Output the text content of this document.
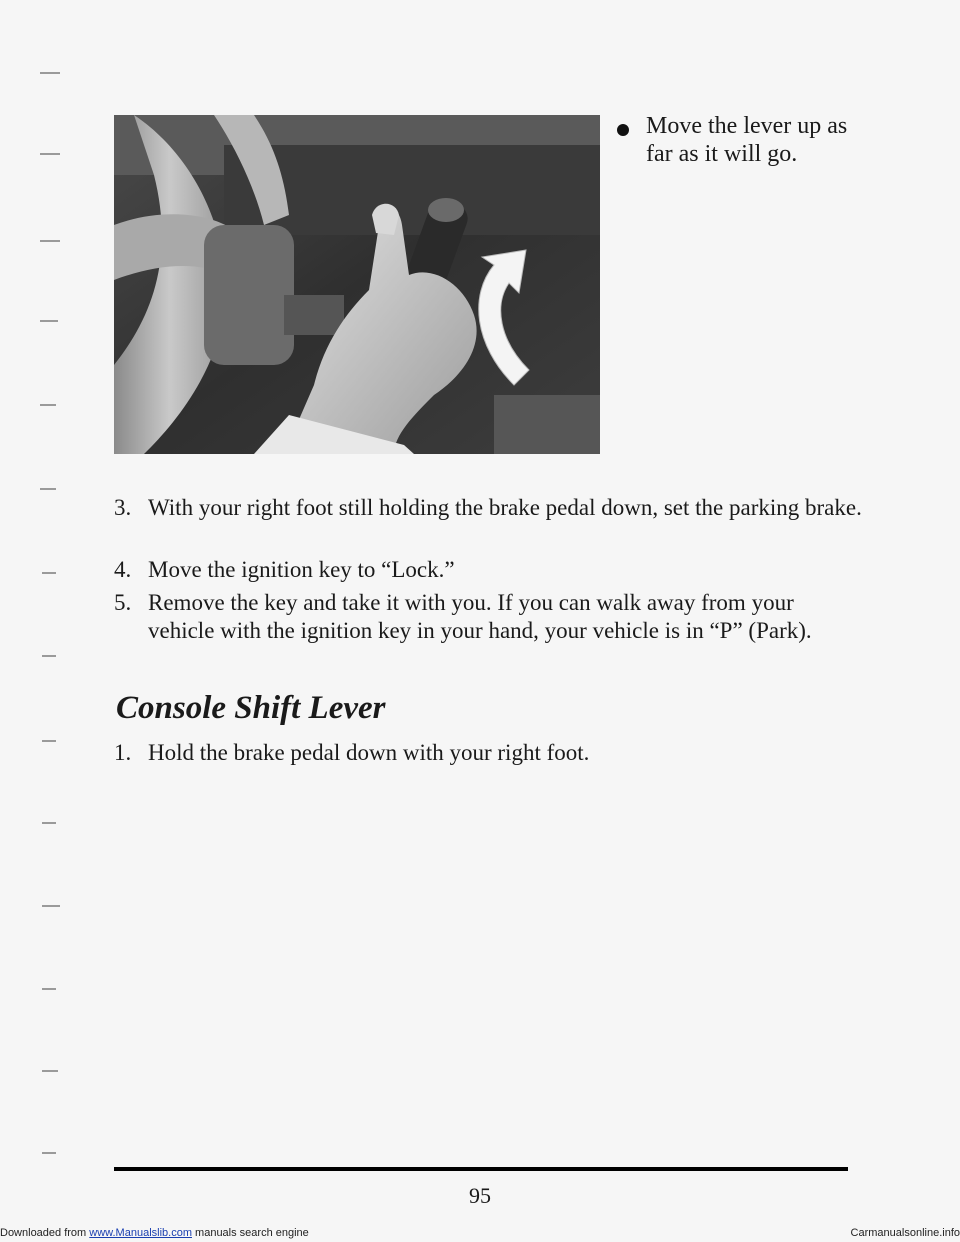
Move the lever up as far as it will go.
3. With your right foot still holding the brake pedal down, set the parking brake.
4. Move the ignition key to “Lock.”
5. Remove the key and take it with you. If you can walk away from your vehicle with the ignition key in your hand, your vehicle is in “P” (Park).
Console Shift Lever
1. Hold the brake pedal down with your right foot.
95
Downloaded from www.Manualslib.com manuals search engine	Carmanualsonline.info
